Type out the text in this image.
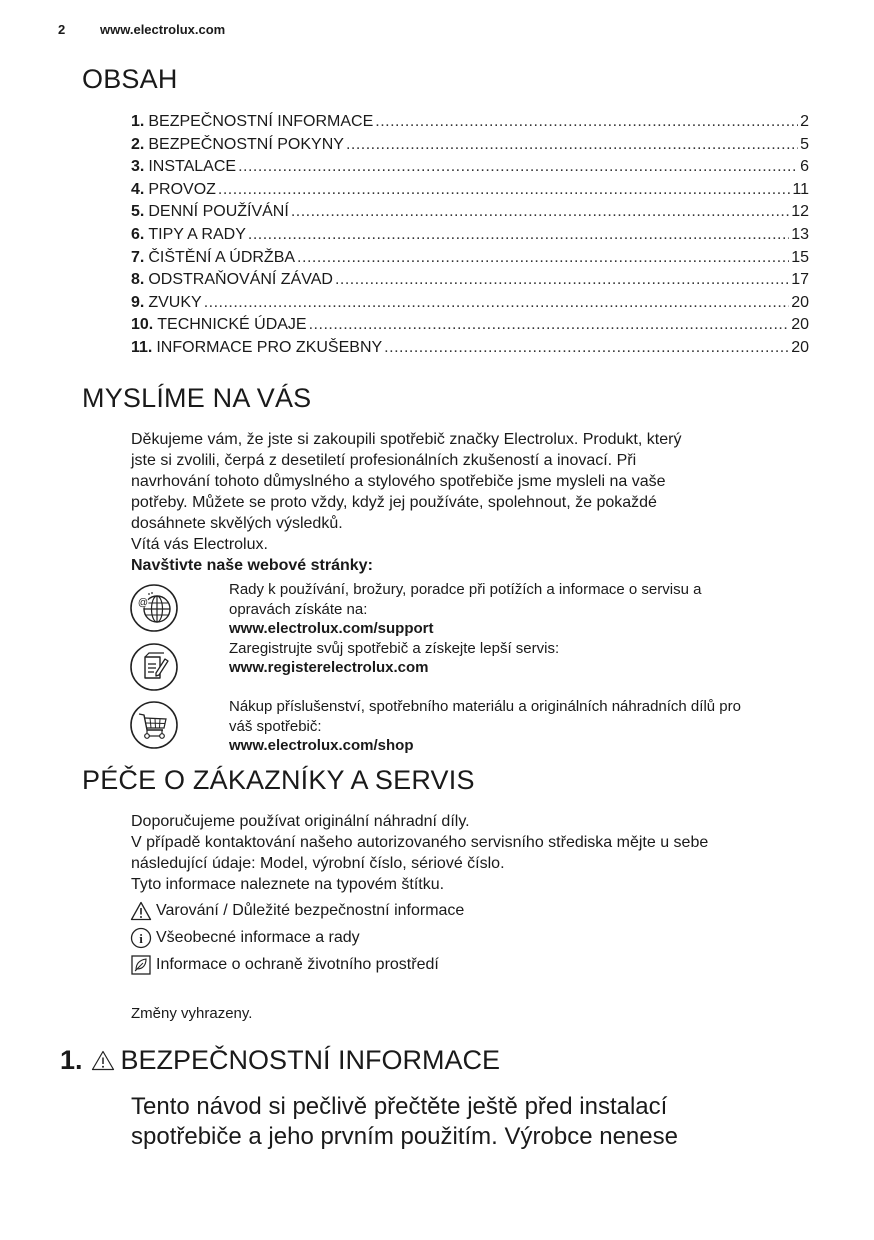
2	www.electrolux.com
OBSAH
1. BEZPEČNOSTNÍ INFORMACE .....	2
2. BEZPEČNOSTNÍ POKYNY .....	5
3. INSTALACE .....	6
4. PROVOZ .....	11
5. DENNÍ POUŽÍVÁNÍ .....	12
6. TIPY A RADY .....	13
7. ČIŠTĚNÍ A ÚDRŽBA .....	15
8. ODSTRAŇOVÁNÍ ZÁVAD .....	17
9. ZVUKY .....	20
10. TECHNICKÉ ÚDAJE .....	20
11. INFORMACE PRO ZKUŠEBNY .....	20
MYSLÍME NA VÁS
Děkujeme vám, že jste si zakoupili spotřebič značky Electrolux. Produkt, který
jste si zvolili, čerpá z desetiletí profesionálních zkušeností a inovací. Při
navrhování tohoto důmyslného a stylového spotřebiče jsme mysleli na vaše
potřeby. Můžete se proto vždy, když jej používáte, spolehnout, že pokaždé
dosáhnete skvělých výsledků.
Vítá vás Electrolux.
Navštivte naše webové stránky:
@
Rady k používání, brožury, poradce při potížích a informace o servisu a
opravách získáte na:
www.electrolux.com/support
Zaregistrujte svůj spotřebič a získejte lepší servis:
www.registerelectrolux.com
Nákup příslušenství, spotřebního materiálu a originálních náhradních dílů pro
váš spotřebič:
www.electrolux.com/shop
PÉČE O ZÁKAZNÍKY A SERVIS
Doporučujeme používat originální náhradní díly.
V případě kontaktování našeho autorizovaného servisního střediska mějte u sebe
následující údaje: Model, výrobní číslo, sériové číslo.
Tyto informace naleznete na typovém štítku.
Varování / Důležité bezpečnostní informace
i Všeobecné informace a rady
Informace o ochraně životního prostředí
Změny vyhrazeny.
1. BEZPEČNOSTNÍ INFORMACE
Tento návod si pečlivě přečtěte ještě před instalací
spotřebiče a jeho prvním použitím. Výrobce nenese
